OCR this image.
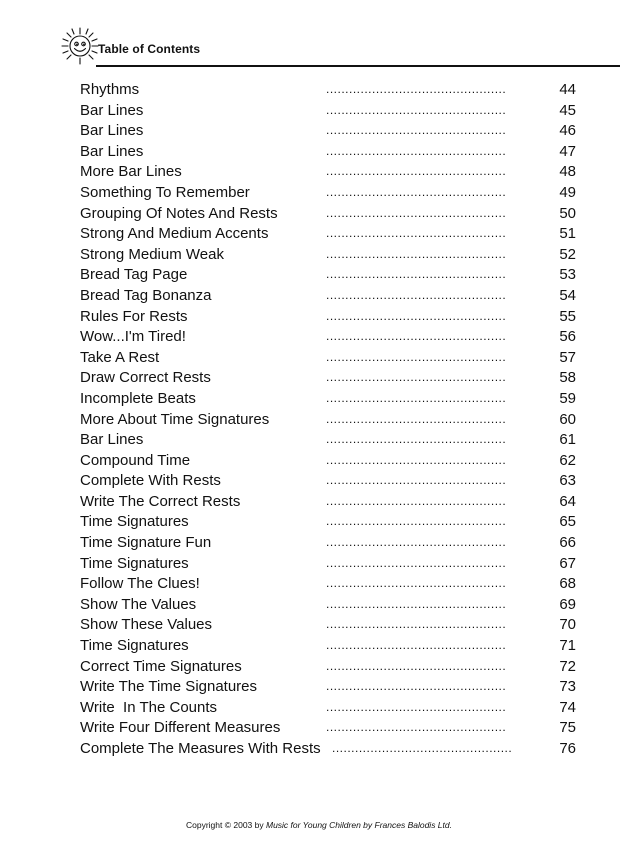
Table of Contents
Rhythms	...............................................	44
Bar Lines	...............................................	45
Bar Lines	...............................................	46
Bar Lines	...............................................	47
More Bar Lines	...............................................	48
Something To Remember	...............................................	49
Grouping Of Notes And Rests	...............................................	50
Strong And Medium Accents	...............................................	51
Strong Medium Weak	...............................................	52
Bread Tag Page	...............................................	53
Bread Tag Bonanza	...............................................	54
Rules For Rests	...............................................	55
Wow...I'm Tired!	...............................................	56
Take A Rest	...............................................	57
Draw Correct Rests	...............................................	58
Incomplete Beats	...............................................	59
More About Time Signatures	...............................................	60
Bar Lines	...............................................	61
Compound Time	...............................................	62
Complete With Rests	...............................................	63
Write The Correct Rests	...............................................	64
Time Signatures	...............................................	65
Time Signature Fun	...............................................	66
Time Signatures	...............................................	67
Follow The Clues!	...............................................	68
Show The Values	...............................................	69
Show These Values	...............................................	70
Time Signatures	...............................................	71
Correct Time Signatures	...............................................	72
Write The Time Signatures	...............................................	73
Write  In The Counts	...............................................	74
Write Four Different Measures	...............................................	75
Complete The Measures With Rests ...............................................	76
Copyright © 2003 by Music for Young Children by Frances Balodis Ltd.
